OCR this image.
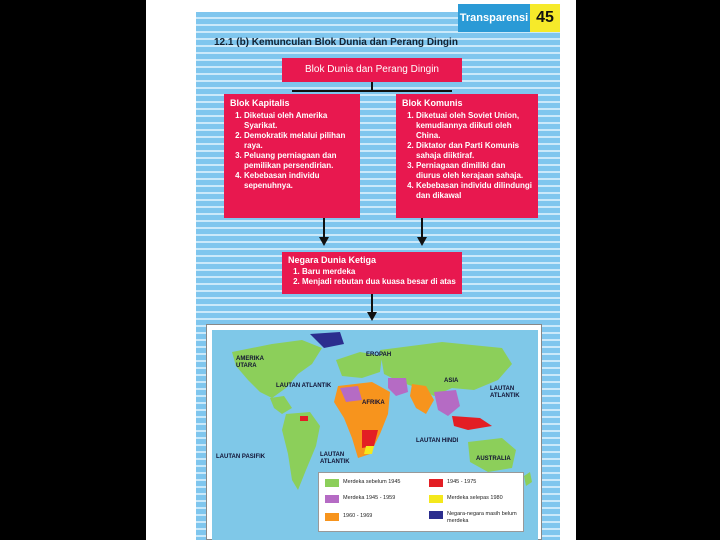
Transparensi 45
12.1 (b) Kemunculan Blok Dunia dan Perang Dingin
Blok Dunia dan Perang Dingin
Blok Kapitalis
1. Diketuai oleh Amerika Syarikat.
2. Demokratik melalui pilihan raya.
3. Peluang perniagaan dan pemilikan persendirian.
4. Kebebasan individu sepenuhnya.
Blok Komunis
1. Diketuai oleh Soviet Union, kemudiannya diikuti oleh China.
2. Diktator dan Parti Komunis sahaja diiktiraf.
3. Perniagaan dimiliki dan diurus oleh kerajaan sahaja.
4. Kebebasan individu dilindungi dan dikawal
Negara Dunia Ketiga
1. Baru merdeka
2. Menjadi rebutan dua kuasa besar di atas
AMERIKA UTARA
EROPAH
ASIA
LAUTAN ATLANTIK
AFRIKA
LAUTAN ATLANTIK
LAUTAN HINDI
LAUTAN PASIFIK	LAUTAN ATLANTIK	AUSTRALIA
Merdeka sebelum 1945	1945 - 1975
Merdeka 1945 - 1959	Merdeka selepas 1980
1960 - 1969	Negara-negara masih belum merdeka
